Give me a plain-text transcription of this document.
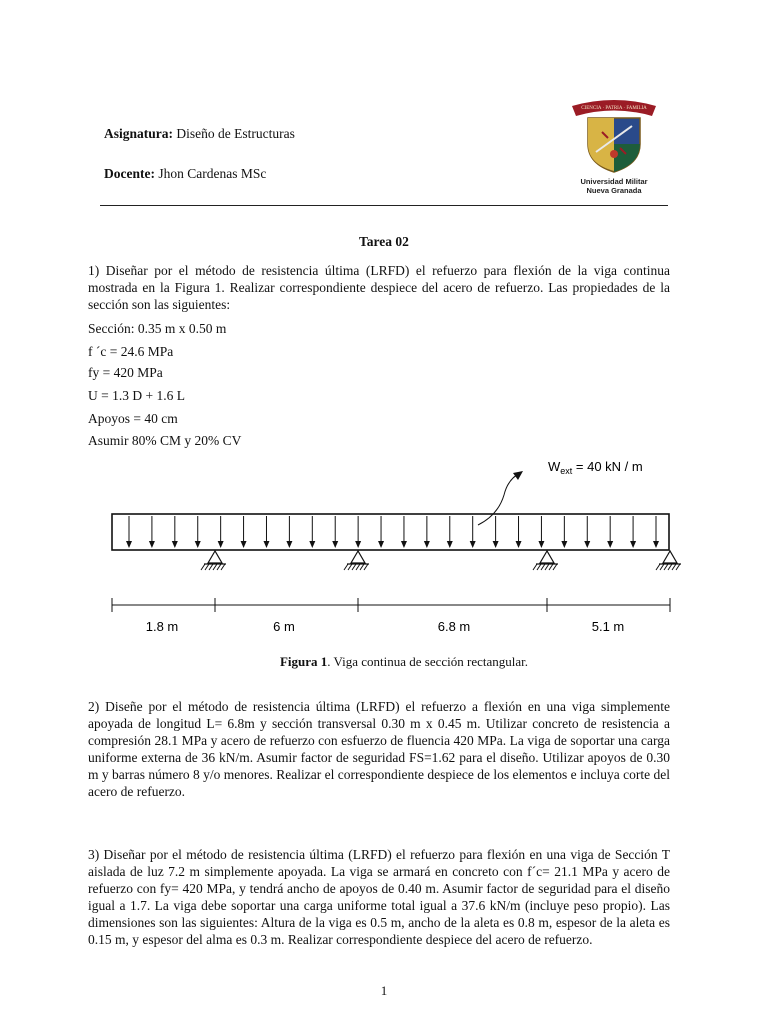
Asignatura: Diseño de Estructuras
Docente: Jhon Cardenas MSc
CIENCIA · PATRIA · FAMILIA
Universidad Militar
Nueva Granada
Tarea 02

1) Diseñar por el método de resistencia última (LRFD) el refuerzo para flexión de la viga continua mostrada en la Figura 1. Realizar correspondiente despiece del acero de refuerzo. Las propiedades de la sección son las siguientes:

Sección: 0.35 m x 0.50 m
f ´c = 24.6 MPa
fy = 420 MPa
U = 1.3 D + 1.6 L
Apoyos = 40 cm
Asumir 80% CM y 20% CV
$W_{ext} = 40$ kN / m
1.8 m	6 m	6.8 m	5.1 m
Figura 1. Viga continua de sección rectangular.

2) Diseñe por el método de resistencia última (LRFD) el refuerzo a flexión en una viga simplemente apoyada de longitud L= 6.8m y sección transversal 0.30 m x 0.45 m. Utilizar concreto de resistencia a compresión 28.1 MPa y acero de refuerzo con esfuerzo de fluencia 420 MPa. La viga de soportar una carga uniforme externa de 36 kN/m. Asumir factor de seguridad FS=1.62 para el diseño. Utilizar apoyos de 0.30 m y barras número 8 y/o menores. Realizar el correspondiente despiece de los elementos e incluya corte del acero de refuerzo.

3) Diseñar por el método de resistencia última (LRFD) el refuerzo para flexión en una viga de Sección T aislada de luz 7.2 m simplemente apoyada. La viga se armará en concreto con f´c= 21.1 MPa y acero de refuerzo con fy= 420 MPa, y tendrá ancho de apoyos de 0.40 m. Asumir factor de seguridad para el diseño igual a 1.7. La viga debe soportar una carga uniforme total igual a 37.6 kN/m (incluye peso propio). Las dimensiones son las siguientes: Altura de la viga es 0.5 m, ancho de la aleta es 0.8 m, espesor de la aleta es 0.15 m, y espesor del alma es 0.3 m. Realizar correspondiente despiece del acero de refuerzo.

1
